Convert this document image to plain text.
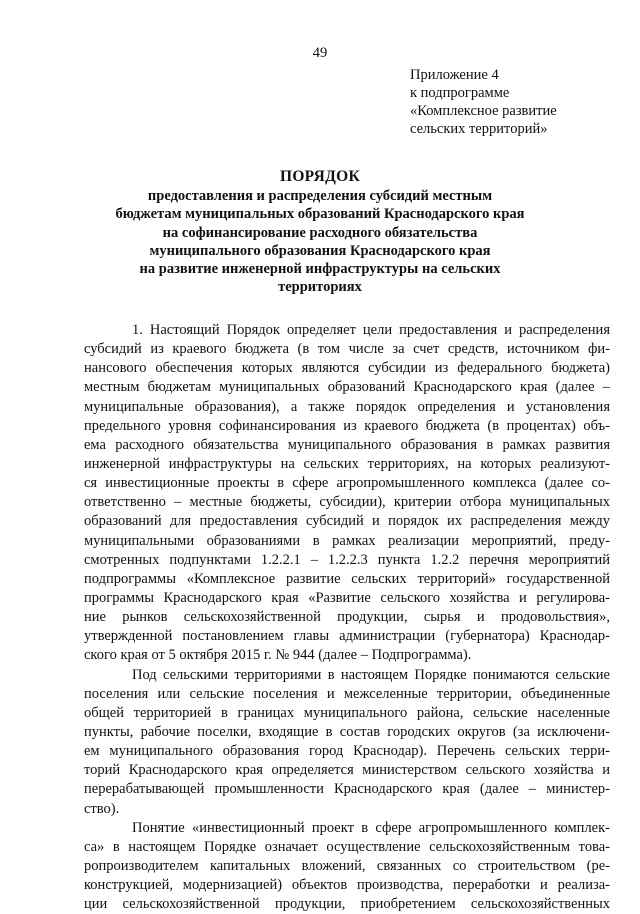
49
Приложение 4
к подпрограмме
«Комплексное развитие
сельских территорий»
ПОРЯДОК
предоставления и распределения субсидий местным
бюджетам муниципальных образований Краснодарского края
на софинансирование расходного обязательства
муниципального образования Краснодарского края
на развитие инженерной инфраструктуры на сельских
территориях
1. Настоящий Порядок определяет цели предоставления и распределения
субсидий из краевого бюджета (в том числе за счет средств, источником фи-
нансового обеспечения которых являются субсидии из федерального бюджета)
местным бюджетам муниципальных образований Краснодарского края (далее –
муниципальные образования), а также порядок определения и установления
предельного уровня софинансирования из краевого бюджета (в процентах) объ-
ема расходного обязательства муниципального образования в рамках развития
инженерной инфраструктуры на сельских территориях, на которых реализуют-
ся инвестиционные проекты в сфере агропромышленного комплекса (далее со-
ответственно – местные бюджеты, субсидии), критерии отбора муниципальных
образований для предоставления субсидий и порядок их распределения между
муниципальными образованиями в рамках реализации мероприятий, преду-
смотренных подпунктами 1.2.2.1 – 1.2.2.3 пункта 1.2.2 перечня мероприятий
подпрограммы «Комплексное развитие сельских территорий» государственной
программы Краснодарского края «Развитие сельского хозяйства и регулирова-
ние рынков сельскохозяйственной продукции, сырья и продовольствия»,
утвержденной постановлением главы администрации (губернатора) Краснодар-
ского края от 5 октября 2015 г. № 944 (далее – Подпрограмма).
Под сельскими территориями в настоящем Порядке понимаются сельские
поселения или сельские поселения и межселенные территории, объединенные
общей территорией в границах муниципального района, сельские населенные
пункты, рабочие поселки, входящие в состав городских округов (за исключени-
ем муниципального образования город Краснодар). Перечень сельских терри-
торий Краснодарского края определяется министерством сельского хозяйства и
перерабатывающей промышленности Краснодарского края (далее – министер-
ство).
Понятие «инвестиционный проект в сфере агропромышленного комплек-
са» в настоящем Порядке означает осуществление сельскохозяйственным това-
ропроизводителем капитальных вложений, связанных со строительством (ре-
конструкцией, модернизацией) объектов производства, переработки и реализа-
ции сельскохозяйственной продукции, приобретением сельскохозяйственных
